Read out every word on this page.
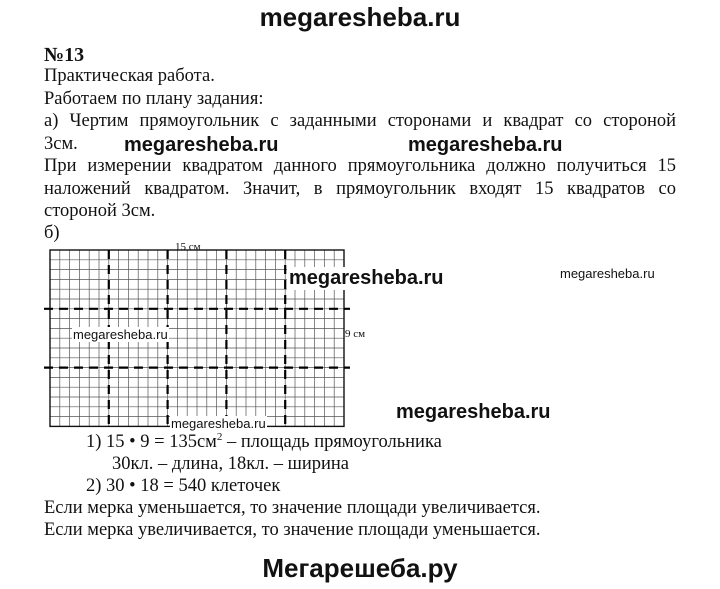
megaresheba.ru
№13
Практическая работа.
Работаем по плану задания:
а) Чертим прямоугольник с заданными сторонами и квадрат со стороной
3см. megaresheba.ru	megaresheba.ru
При измерении квадратом данного прямоугольника должно получиться 15
наложений квадратом. Значит, в прямоугольник входят 15 квадратов со
стороной 3см.
б)
15 см
9 см
megaresheba.ru	megaresheba.ru
megaresheba.ru
megaresheba.ru
megaresheba.ru
1) 15 • $9 = 135см^2$ – площадь прямоугольника
30кл. – длина, 18кл. – ширина
2) 30 • 18 = 540 клеточек
Если мерка уменьшается, то значение площади увеличивается.
Если мерка увеличивается, то значение площади уменьшается.
Мегарешеба.ру
